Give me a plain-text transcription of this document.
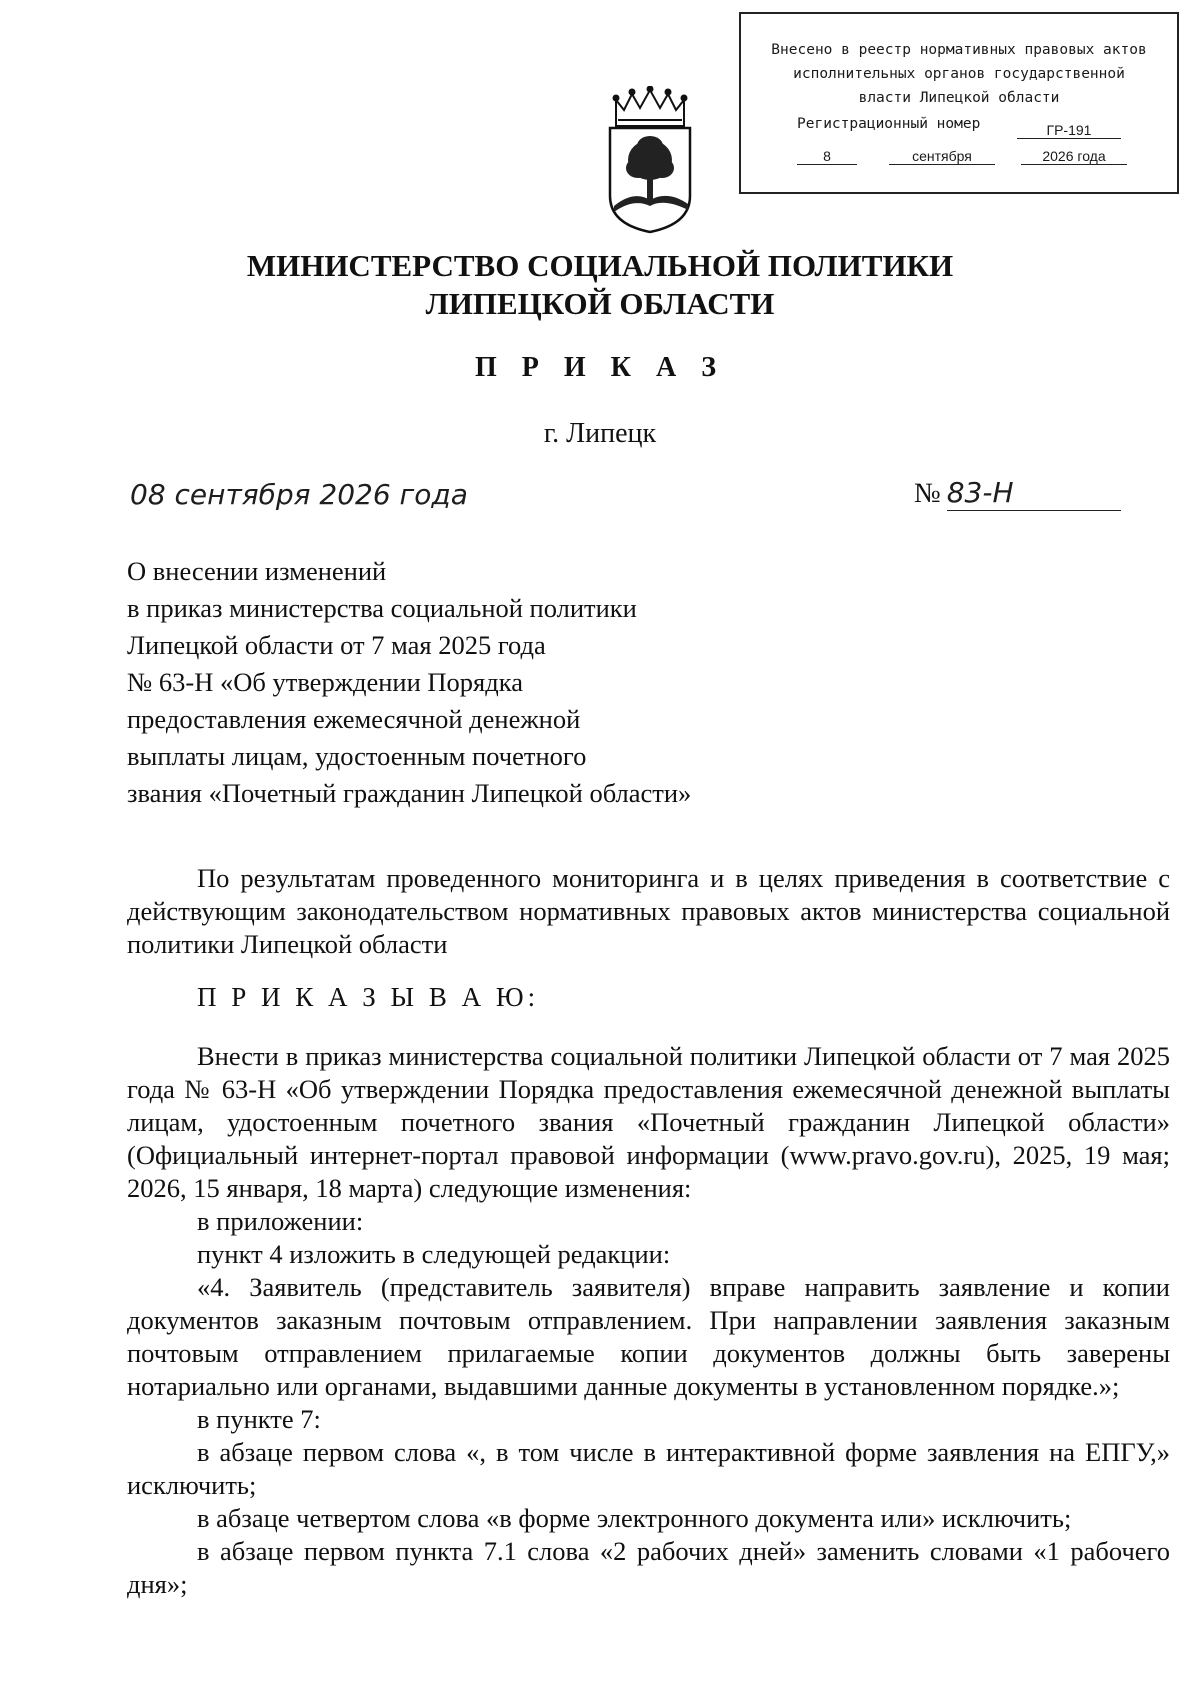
Внесено в реестр нормативных правовых актов
исполнительных органов государственной
власти Липецкой области
Регистрационный номер	ГР-191
8	сентября	2026 года
МИНИСТЕРСТВО СОЦИАЛЬНОЙ ПОЛИТИКИ
ЛИПЕЦКОЙ ОБЛАСТИ
П Р И К А З
г. Липецк
08 сентября 2026 года	№ 83-Н
О внесении изменений
в приказ министерства социальной политики
Липецкой области от 7 мая 2025 года
№ 63-Н «Об утверждении Порядка
предоставления ежемесячной денежной
выплаты лицам, удостоенным почетного
звания «Почетный гражданин Липецкой области»

По результатам проведенного мониторинга и в целях приведения в соответствие с действующим законодательством нормативных правовых актов министерства социальной политики Липецкой области

П Р И К А З Ы В А Ю:

Внести в приказ министерства социальной политики Липецкой области от 7 мая 2025 года № 63-Н «Об утверждении Порядка предоставления ежемесячной денежной выплаты лицам, удостоенным почетного звания «Почетный гражданин Липецкой области» (Официальный интернет-портал правовой информации (www.pravo.gov.ru), 2025, 19 мая; 2026, 15 января, 18 марта) следующие изменения:

в приложении:

пункт 4 изложить в следующей редакции:

«4. Заявитель (представитель заявителя) вправе направить заявление и копии документов заказным почтовым отправлением. При направлении заявления заказным почтовым отправлением прилагаемые копии документов должны быть заверены нотариально или органами, выдавшими данные документы в установленном порядке.»;

в пункте 7:

в абзаце первом слова «, в том числе в интерактивной форме заявления на ЕПГУ,» исключить;

в абзаце четвертом слова «в форме электронного документа или» исключить;

в абзаце первом пункта 7.1 слова «2 рабочих дней» заменить словами «1 рабочего дня»;
